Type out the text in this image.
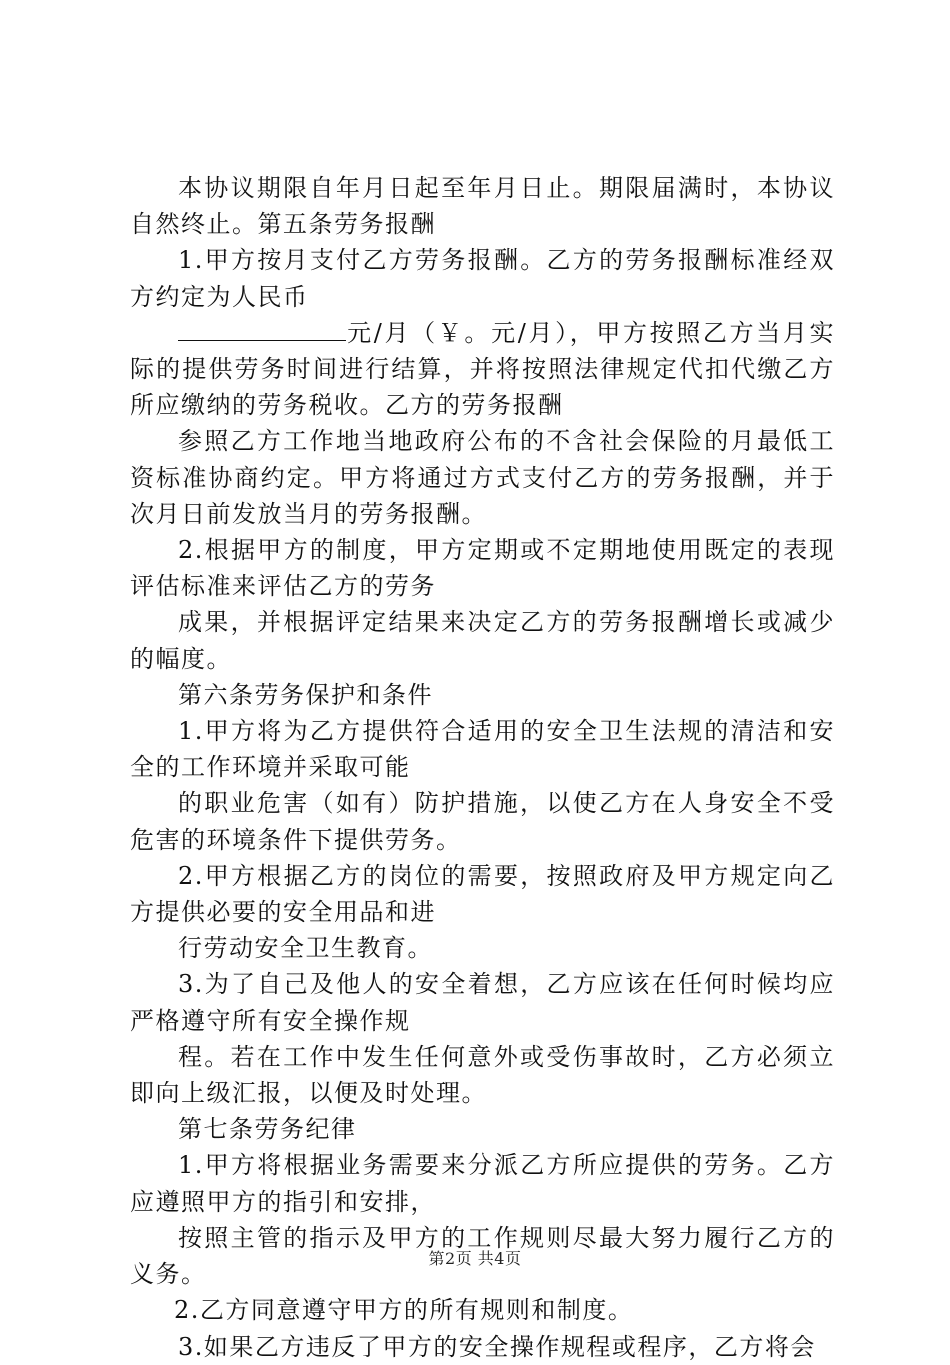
本协议期限自年月日起至年月日止。期限届满时，本协议自然终止。第五条劳务报酬

1.甲方按月支付乙方劳务报酬。乙方的劳务报酬标准经双方约定为人民币

元/月（￥。元/月），甲方按照乙方当月实际的提供劳务时间进行结算，并将按照法律规定代扣代缴乙方所应缴纳的劳务税收。乙方的劳务报酬

参照乙方工作地当地政府公布的不含社会保险的月最低工资标准协商约定。甲方将通过方式支付乙方的劳务报酬，并于次月日前发放当月的劳务报酬。

2.根据甲方的制度，甲方定期或不定期地使用既定的表现评估标准来评估乙方的劳务

成果，并根据评定结果来决定乙方的劳务报酬增长或减少的幅度。

第六条劳务保护和条件

1.甲方将为乙方提供符合适用的安全卫生法规的清洁和安全的工作环境并采取可能

的职业危害（如有）防护措施，以使乙方在人身安全不受危害的环境条件下提供劳务。

2.甲方根据乙方的岗位的需要，按照政府及甲方规定向乙方提供必要的安全用品和进

行劳动安全卫生教育。

3.为了自己及他人的安全着想，乙方应该在任何时候均应严格遵守所有安全操作规

程。若在工作中发生任何意外或受伤事故时，乙方必须立即向上级汇报，以便及时处理。

第七条劳务纪律

1.甲方将根据业务需要来分派乙方所应提供的劳务。乙方应遵照甲方的指引和安排，

按照主管的指示及甲方的工作规则尽最大努力履行乙方的义务。

2.乙方同意遵守甲方的所有规则和制度。

3.如果乙方违反了甲方的安全操作规程或程序，乙方将会

第2页 共4页
